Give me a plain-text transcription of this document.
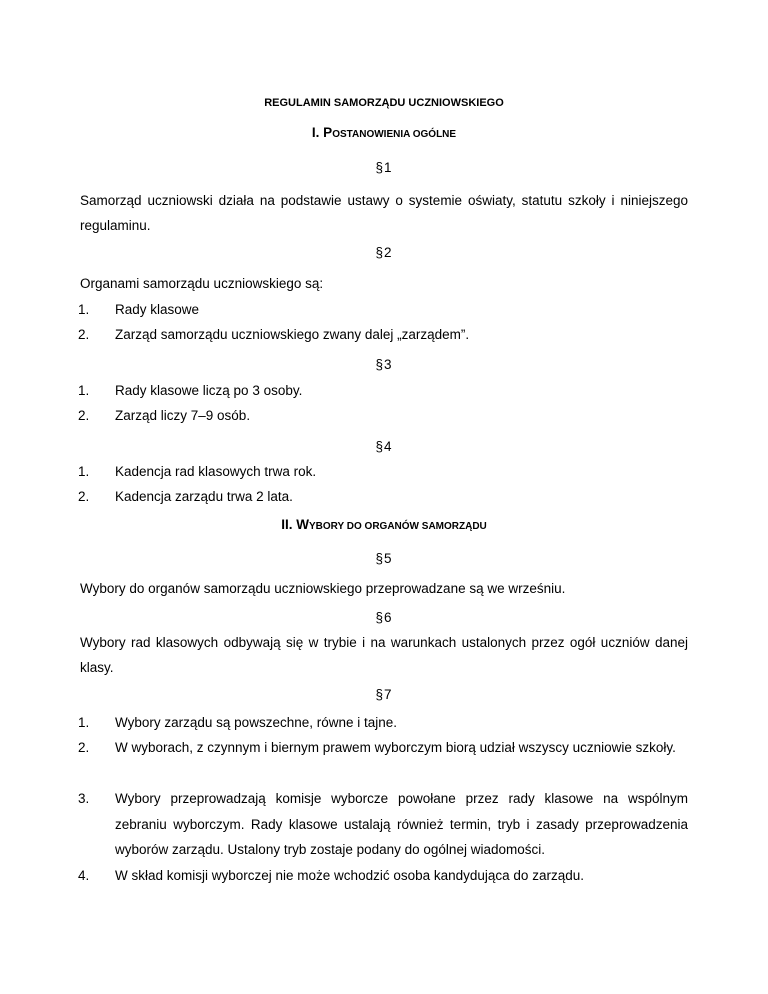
REGULAMIN SAMORZĄDU UCZNIOWSKIEGO
I. POSTANOWIENIA OGÓLNE
§1
Samorząd uczniowski działa na podstawie ustawy o systemie oświaty, statutu szkoły i niniejszego regulaminu.
§2
Organami samorządu uczniowskiego są:
1.	Rady klasowe
2.	Zarząd samorządu uczniowskiego zwany dalej „zarządem”.
§3
1.	Rady klasowe liczą po 3 osoby.
2.	Zarząd liczy 7–9 osób.
§4
1.	Kadencja rad klasowych trwa rok.
2.	Kadencja zarządu trwa 2 lata.
II. WYBORY DO ORGANÓW SAMORZĄDU
§5
Wybory do organów samorządu uczniowskiego przeprowadzane są we wrześniu.
§6
Wybory rad klasowych odbywają się w trybie i na warunkach ustalonych przez ogół uczniów danej klasy.
§7
1.	Wybory zarządu są powszechne, równe i tajne.
2.	W wyborach, z czynnym i biernym prawem wyborczym biorą udział wszyscy uczniowie szkoły.
3.	Wybory przeprowadzają komisje wyborcze powołane przez rady klasowe na wspólnym zebraniu wyborczym. Rady klasowe ustalają również termin, tryb i zasady przeprowadzenia wyborów zarządu. Ustalony tryb zostaje podany do ogólnej wiadomości.
4.	W skład komisji wyborczej nie może wchodzić osoba kandydująca do zarządu.
